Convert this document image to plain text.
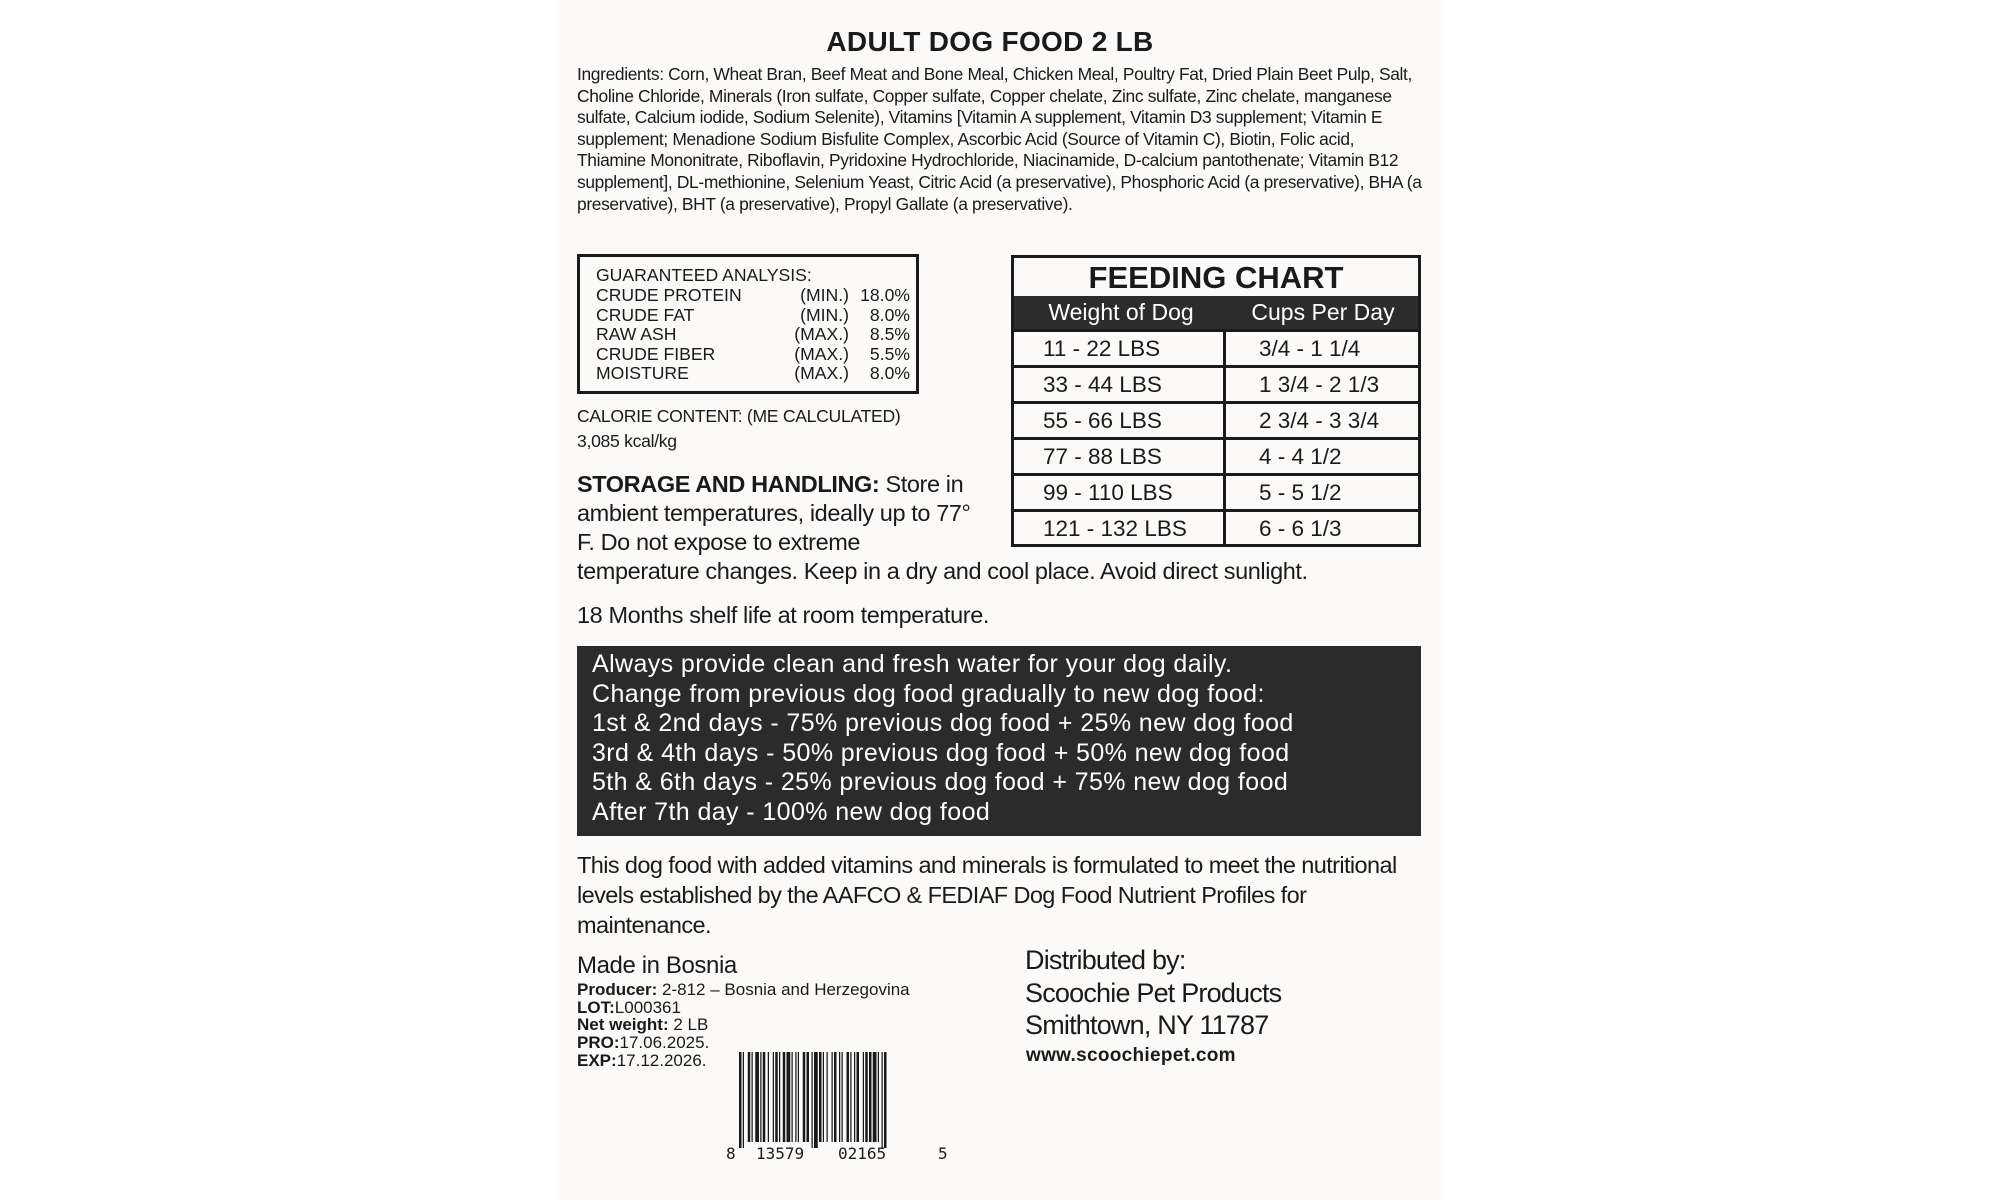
ADULT DOG FOOD 2 LB
Ingredients: Corn, Wheat Bran, Beef Meat and Bone Meal, Chicken Meal, Poultry Fat, Dried Plain Beet Pulp, Salt, Choline Chloride, Minerals (Iron sulfate, Copper sulfate, Copper chelate, Zinc sulfate, Zinc chelate, manganese sulfate, Calcium iodide, Sodium Selenite), Vitamins [Vitamin A supplement, Vitamin D3 supplement; Vitamin E supplement; Menadione Sodium Bisfulite Complex, Ascorbic Acid (Source of Vitamin C), Biotin, Folic acid, Thiamine Mononitrate, Riboflavin, Pyridoxine Hydrochloride, Niacinamide, D-calcium pantothenate; Vitamin B12 supplement], DL-methionine, Selenium Yeast, Citric Acid (a preservative), Phosphoric Acid (a preservative), BHA (a preservative), BHT (a preservative), Propyl Gallate (a preservative).
GUARANTEED ANALYSIS:
CRUDE PROTEIN	(MIN.) 18.0%
CRUDE FAT	(MIN.)	8.0%
RAW ASH	(MAX.)	8.5%
CRUDE FIBER	(MAX.)	5.5%
MOISTURE	(MAX.)	8.0%
CALORIE CONTENT: (ME CALCULATED)
3,085 kcal/kg
STORAGE AND HANDLING: Store in ambient temperatures, ideally up to 77° F. Do not expose to extreme
temperature changes. Keep in a dry and cool place. Avoid direct sunlight.
18 Months shelf life at room temperature.
FEEDING CHART
Weight of Dog	Cups Per Day
11 - 22 LBS	3/4 - 1 1/4
33 - 44 LBS	1 3/4 - 2 1/3
55 - 66 LBS	2 3/4 - 3 3/4
77 - 88 LBS	4 - 4 1/2
99 - 110 LBS	5 - 5 1/2
121 - 132 LBS	6 - 6 1/3
Always provide clean and fresh water for your dog daily.
Change from previous dog food gradually to new dog food:
1st & 2nd days - 75% previous dog food + 25% new dog food
3rd & 4th days - 50% previous dog food + 50% new dog food
5th & 6th days - 25% previous dog food + 75% new dog food
After 7th day - 100% new dog food
This dog food with added vitamins and minerals is formulated to meet the nutritional levels established by the AAFCO & FEDIAF Dog Food Nutrient Profiles for maintenance.
Made in Bosnia
Producer: 2-812 – Bosnia and Herzegovina
LOT:L000361
Net weight: 2 LB
PRO:17.06.2025.
EXP:17.12.2026.
Distributed by:
Scoochie Pet Products
Smithtown, NY 11787
www.scoochiepet.com
8 13579 02165	5
